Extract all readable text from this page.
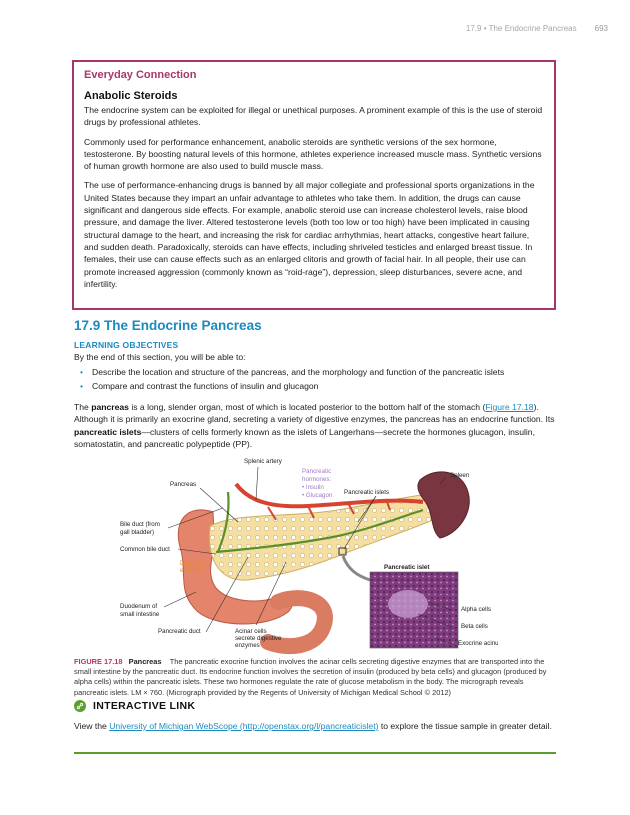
17.9 • The Endocrine Pancreas 693
Everyday Connection
Anabolic Steroids

The endocrine system can be exploited for illegal or unethical purposes. A prominent example of this is the use of steroid drugs by professional athletes.

Commonly used for performance enhancement, anabolic steroids are synthetic versions of the sex hormone, testosterone. By boosting natural levels of this hormone, athletes experience increased muscle mass. Synthetic versions of human growth hormone are also used to build muscle mass.

The use of performance-enhancing drugs is banned by all major collegiate and professional sports organizations in the United States because they impart an unfair advantage to athletes who take them. In addition, the drugs can cause significant and dangerous side effects. For example, anabolic steroid use can increase cholesterol levels, raise blood pressure, and damage the liver. Altered testosterone levels (both too low or too high) have been implicated in causing structural damage to the heart, and increasing the risk for cardiac arrhythmias, heart attacks, congestive heart failure, and sudden death. Paradoxically, steroids can have effects, including shriveled testicles and enlarged breast tissue. In females, their use can cause effects such as an enlarged clitoris and growth of facial hair. In all people, their use can promote increased aggression (commonly known as “roid-rage”), depression, sleep disturbances, severe acne, and infertility.

17.9 The Endocrine Pancreas
LEARNING OBJECTIVES
By the end of this section, you will be able to:
• Describe the location and structure of the pancreas, and the morphology and function of the pancreatic islets
• Compare and contrast the functions of insulin and glucagon

The pancreas is a long, slender organ, most of which is located posterior to the bottom half of the stomach (Figure 17.18). Although it is primarily an exocrine gland, secreting a variety of digestive enzymes, the pancreas has an endocrine function. Its pancreatic islets—clusters of cells formerly known as the islets of Langerhans—secrete the hormones glucagon, insulin, somatostatin, and pancreatic polypeptide (PP).

Splenic artery
Pancreas
Pancreatic
hormones:
• Insulin
• Glucagon Pancreatic islets
Spleen
Bile duct (from
gall bladder)
Common bile duct
Digestive
enzymes	Pancreatic islet
Duodenum of
small intestine
Alpha cells
Beta cells
Pancreatic duct	Acinar cells
secrete digestive
enzymes	Exocrine acinus

FIGURE 17.18 Pancreas The pancreatic exocrine function involves the acinar cells secreting digestive enzymes that are transported into the small intestine by the pancreatic duct. Its endocrine function involves the secretion of insulin (produced by beta cells) and glucagon (produced by alpha cells) within the pancreatic islets. These two hormones regulate the rate of glucose metabolism in the body. The micrograph reveals pancreatic islets. LM × 760. (Micrograph provided by the Regents of University of Michigan Medical School © 2012)

INTERACTIVE LINK

View the University of Michigan WebScope (http://openstax.org/l/pancreaticislet) to explore the tissue sample in greater detail.
